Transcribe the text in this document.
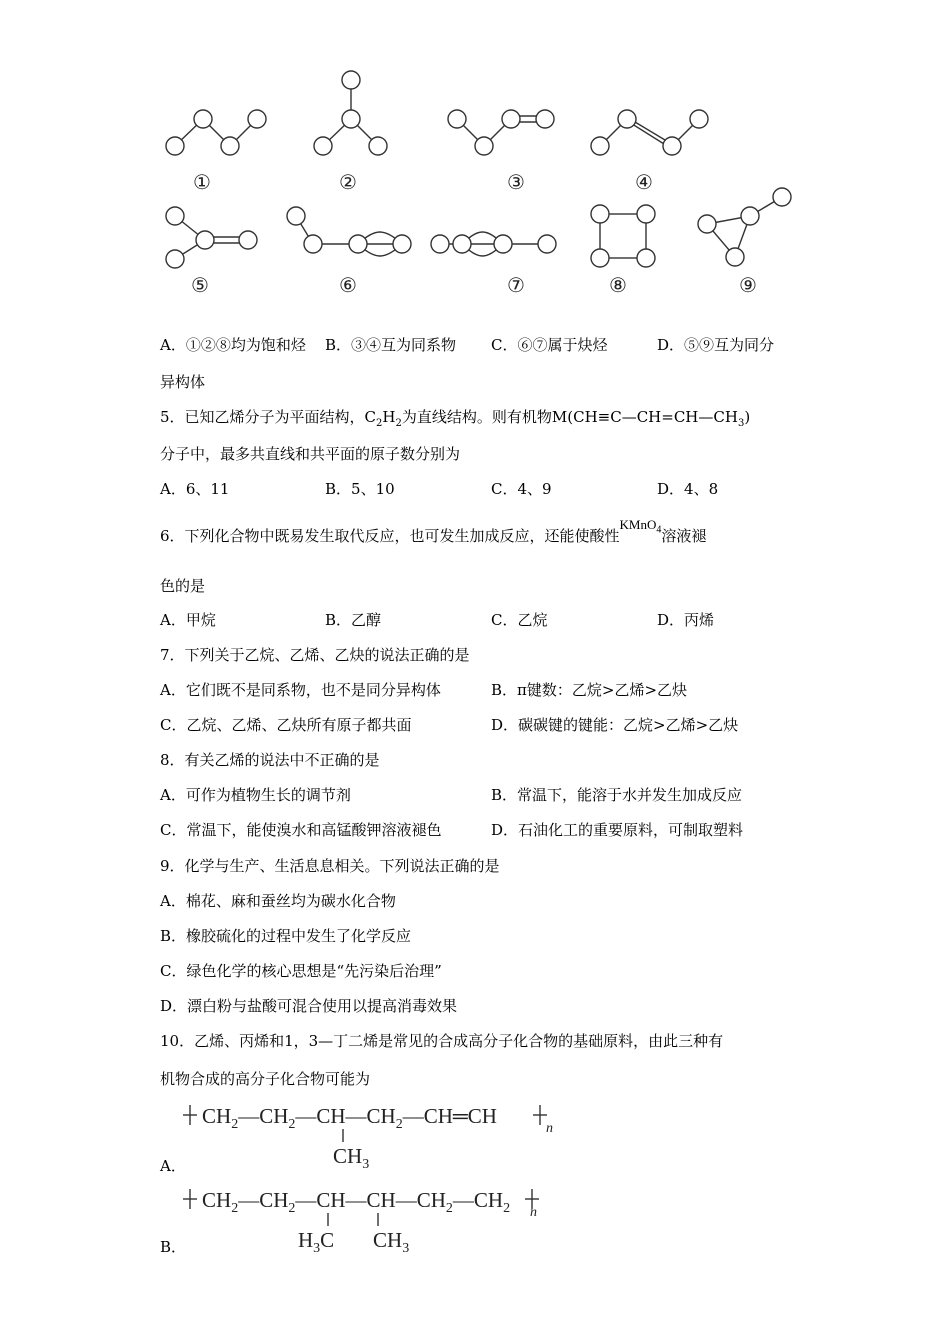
①	②	③	④
⑤	⑥	⑦	⑧	⑨
A．①②⑧均为饱和烃 B．③④互为同系物 C．⑥⑦属于炔烃	D．⑤⑨互为同分
异构体
5．已知乙烯分子为平面结构，$C_2H_2$为直线结构。则有机物$M(CH\equiv C—CH=CH—CH_3)$
分子中，最多共直线和共平面的原子数分别为
A．6、11	B．5、10	C．4、9	D．4、8
6．下列化合物中既易发生取代反应，也可发生加成反应，还能使酸性KMnO$_4$溶液褪
色的是
A．甲烷	B．乙醇	C．乙烷	D．丙烯
7．下列关于乙烷、乙烯、乙炔的说法正确的是
A．它们既不是同系物，也不是同分异构体	B．π键数：乙烷>乙烯>乙炔
C．乙烷、乙烯、乙炔所有原子都共面	D．碳碳键的键能：乙烷>乙烯>乙炔
8．有关乙烯的说法中不正确的是
A．可作为植物生长的调节剂	B．常温下，能溶于水并发生加成反应
C．常温下，能使溴水和高锰酸钾溶液褪色	D．石油化工的重要原料，可制取塑料
9．化学与生产、生活息息相关。下列说法正确的是
A．棉花、麻和蚕丝均为碳水化合物
B．橡胶硫化的过程中发生了化学反应
C．绿色化学的核心思想是“先污染后治理”
D．漂白粉与盐酸可混合使用以提高消毒效果
10．乙烯、丙烯和1，3—丁二烯是常见的合成高分子化合物的基础原料，由此三种有
机物合成的高分子化合物可能为
$CH_2—CH_2—CH—CH_2—CH═CH$
n
$CH_3$
A．
$CH_2—CH_2—CH—CH—CH_2—CH_2$ n
$H_3C$ $CH_3$
B．
